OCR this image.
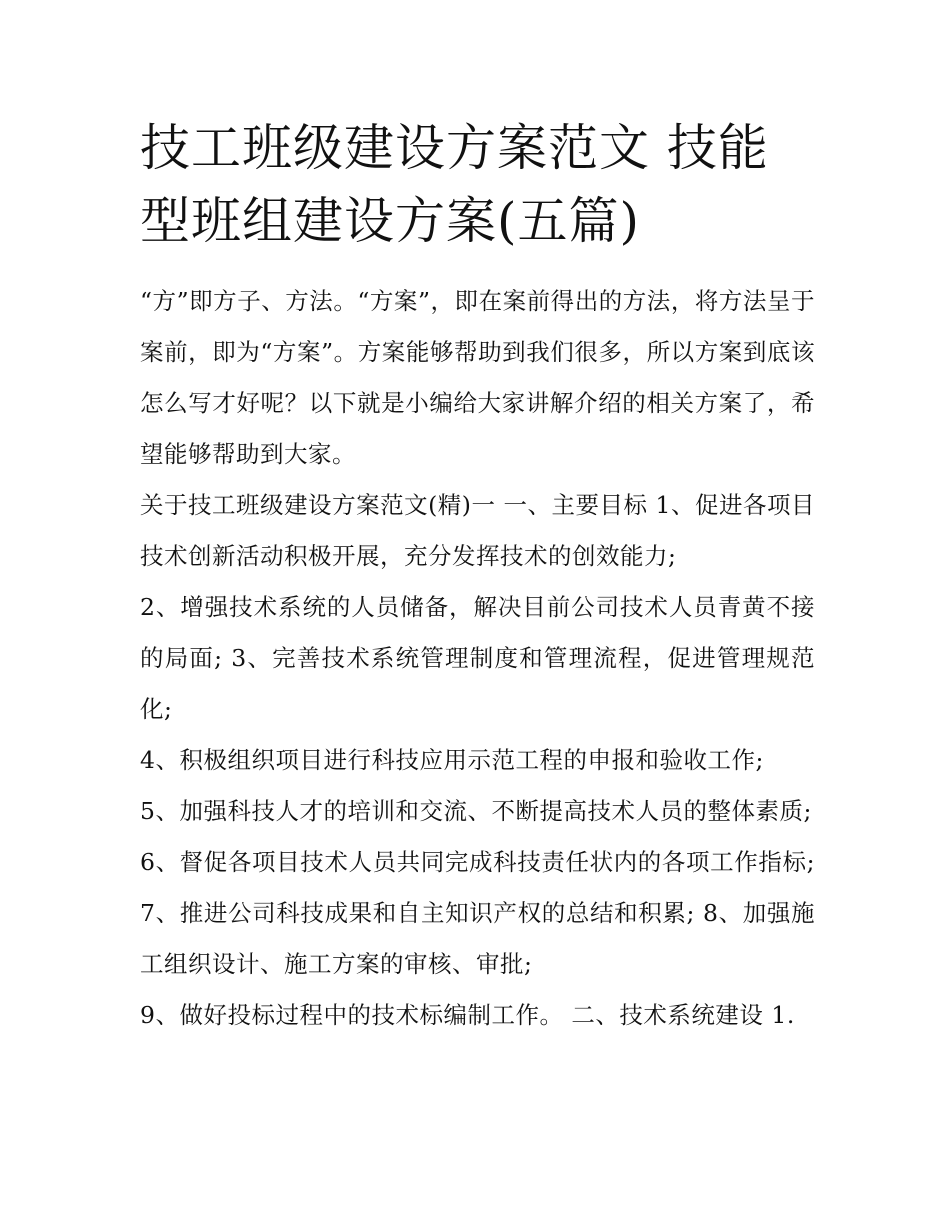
技工班级建设方案范文 技能型班组建设方案(五篇)

“方”即方子、方法。“方案”，即在案前得出的方法，将方法呈于案前，即为“方案”。方案能够帮助到我们很多，所以方案到底该怎么写才好呢？以下就是小编给大家讲解介绍的相关方案了，希望能够帮助到大家。

关于技工班级建设方案范文(精)一 一、主要目标 1、促进各项目技术创新活动积极开展，充分发挥技术的创效能力;

2、增强技术系统的人员储备，解决目前公司技术人员青黄不接的局面; 3、完善技术系统管理制度和管理流程，促进管理规范化;

4、积极组织项目进行科技应用示范工程的申报和验收工作;

5、加强科技人才的培训和交流、不断提高技术人员的整体素质;

6、督促各项目技术人员共同完成科技责任状内的各项工作指标; 7、推进公司科技成果和自主知识产权的总结和积累; 8、加强施工组织设计、施工方案的审核、审批;

9、做好投标过程中的技术标编制工作。 二、技术系统建设 1.
